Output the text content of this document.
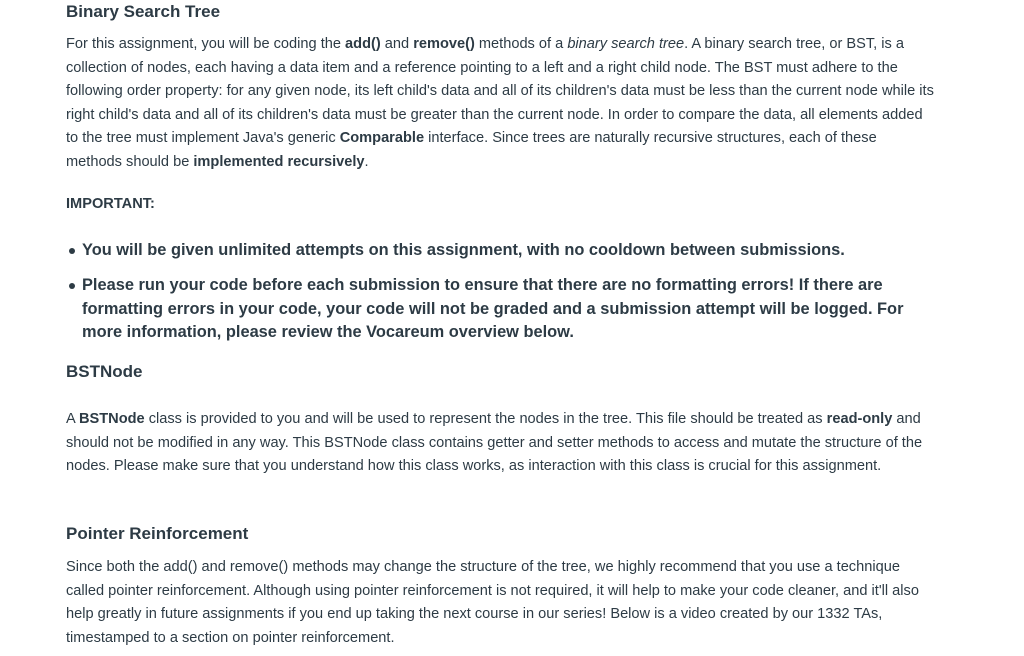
Binary Search Tree

For this assignment, you will be coding the add() and remove() methods of a binary search tree. A binary search tree, or BST, is a collection of nodes, each having a data item and a reference pointing to a left and a right child node. The BST must adhere to the following order property: for any given node, its left child's data and all of its children's data must be less than the current node while its right child's data and all of its children's data must be greater than the current node. In order to compare the data, all elements added to the tree must implement Java's generic Comparable interface. Since trees are naturally recursive structures, each of these methods should be implemented recursively.

IMPORTANT:
You will be given unlimited attempts on this assignment, with no cooldown between submissions.
Please run your code before each submission to ensure that there are no formatting errors! If there are formatting errors in your code, your code will not be graded and a submission attempt will be logged. For more information, please review the Vocareum overview below.
BSTNode

A BSTNode class is provided to you and will be used to represent the nodes in the tree. This file should be treated as read-only and should not be modified in any way. This BSTNode class contains getter and setter methods to access and mutate the structure of the nodes. Please make sure that you understand how this class works, as interaction with this class is crucial for this assignment.

Pointer Reinforcement

Since both the add() and remove() methods may change the structure of the tree, we highly recommend that you use a technique called pointer reinforcement. Although using pointer reinforcement is not required, it will help to make your code cleaner, and it'll also help greatly in future assignments if you end up taking the next course in our series! Below is a video created by our 1332 TAs, timestamped to a section on pointer reinforcement.
